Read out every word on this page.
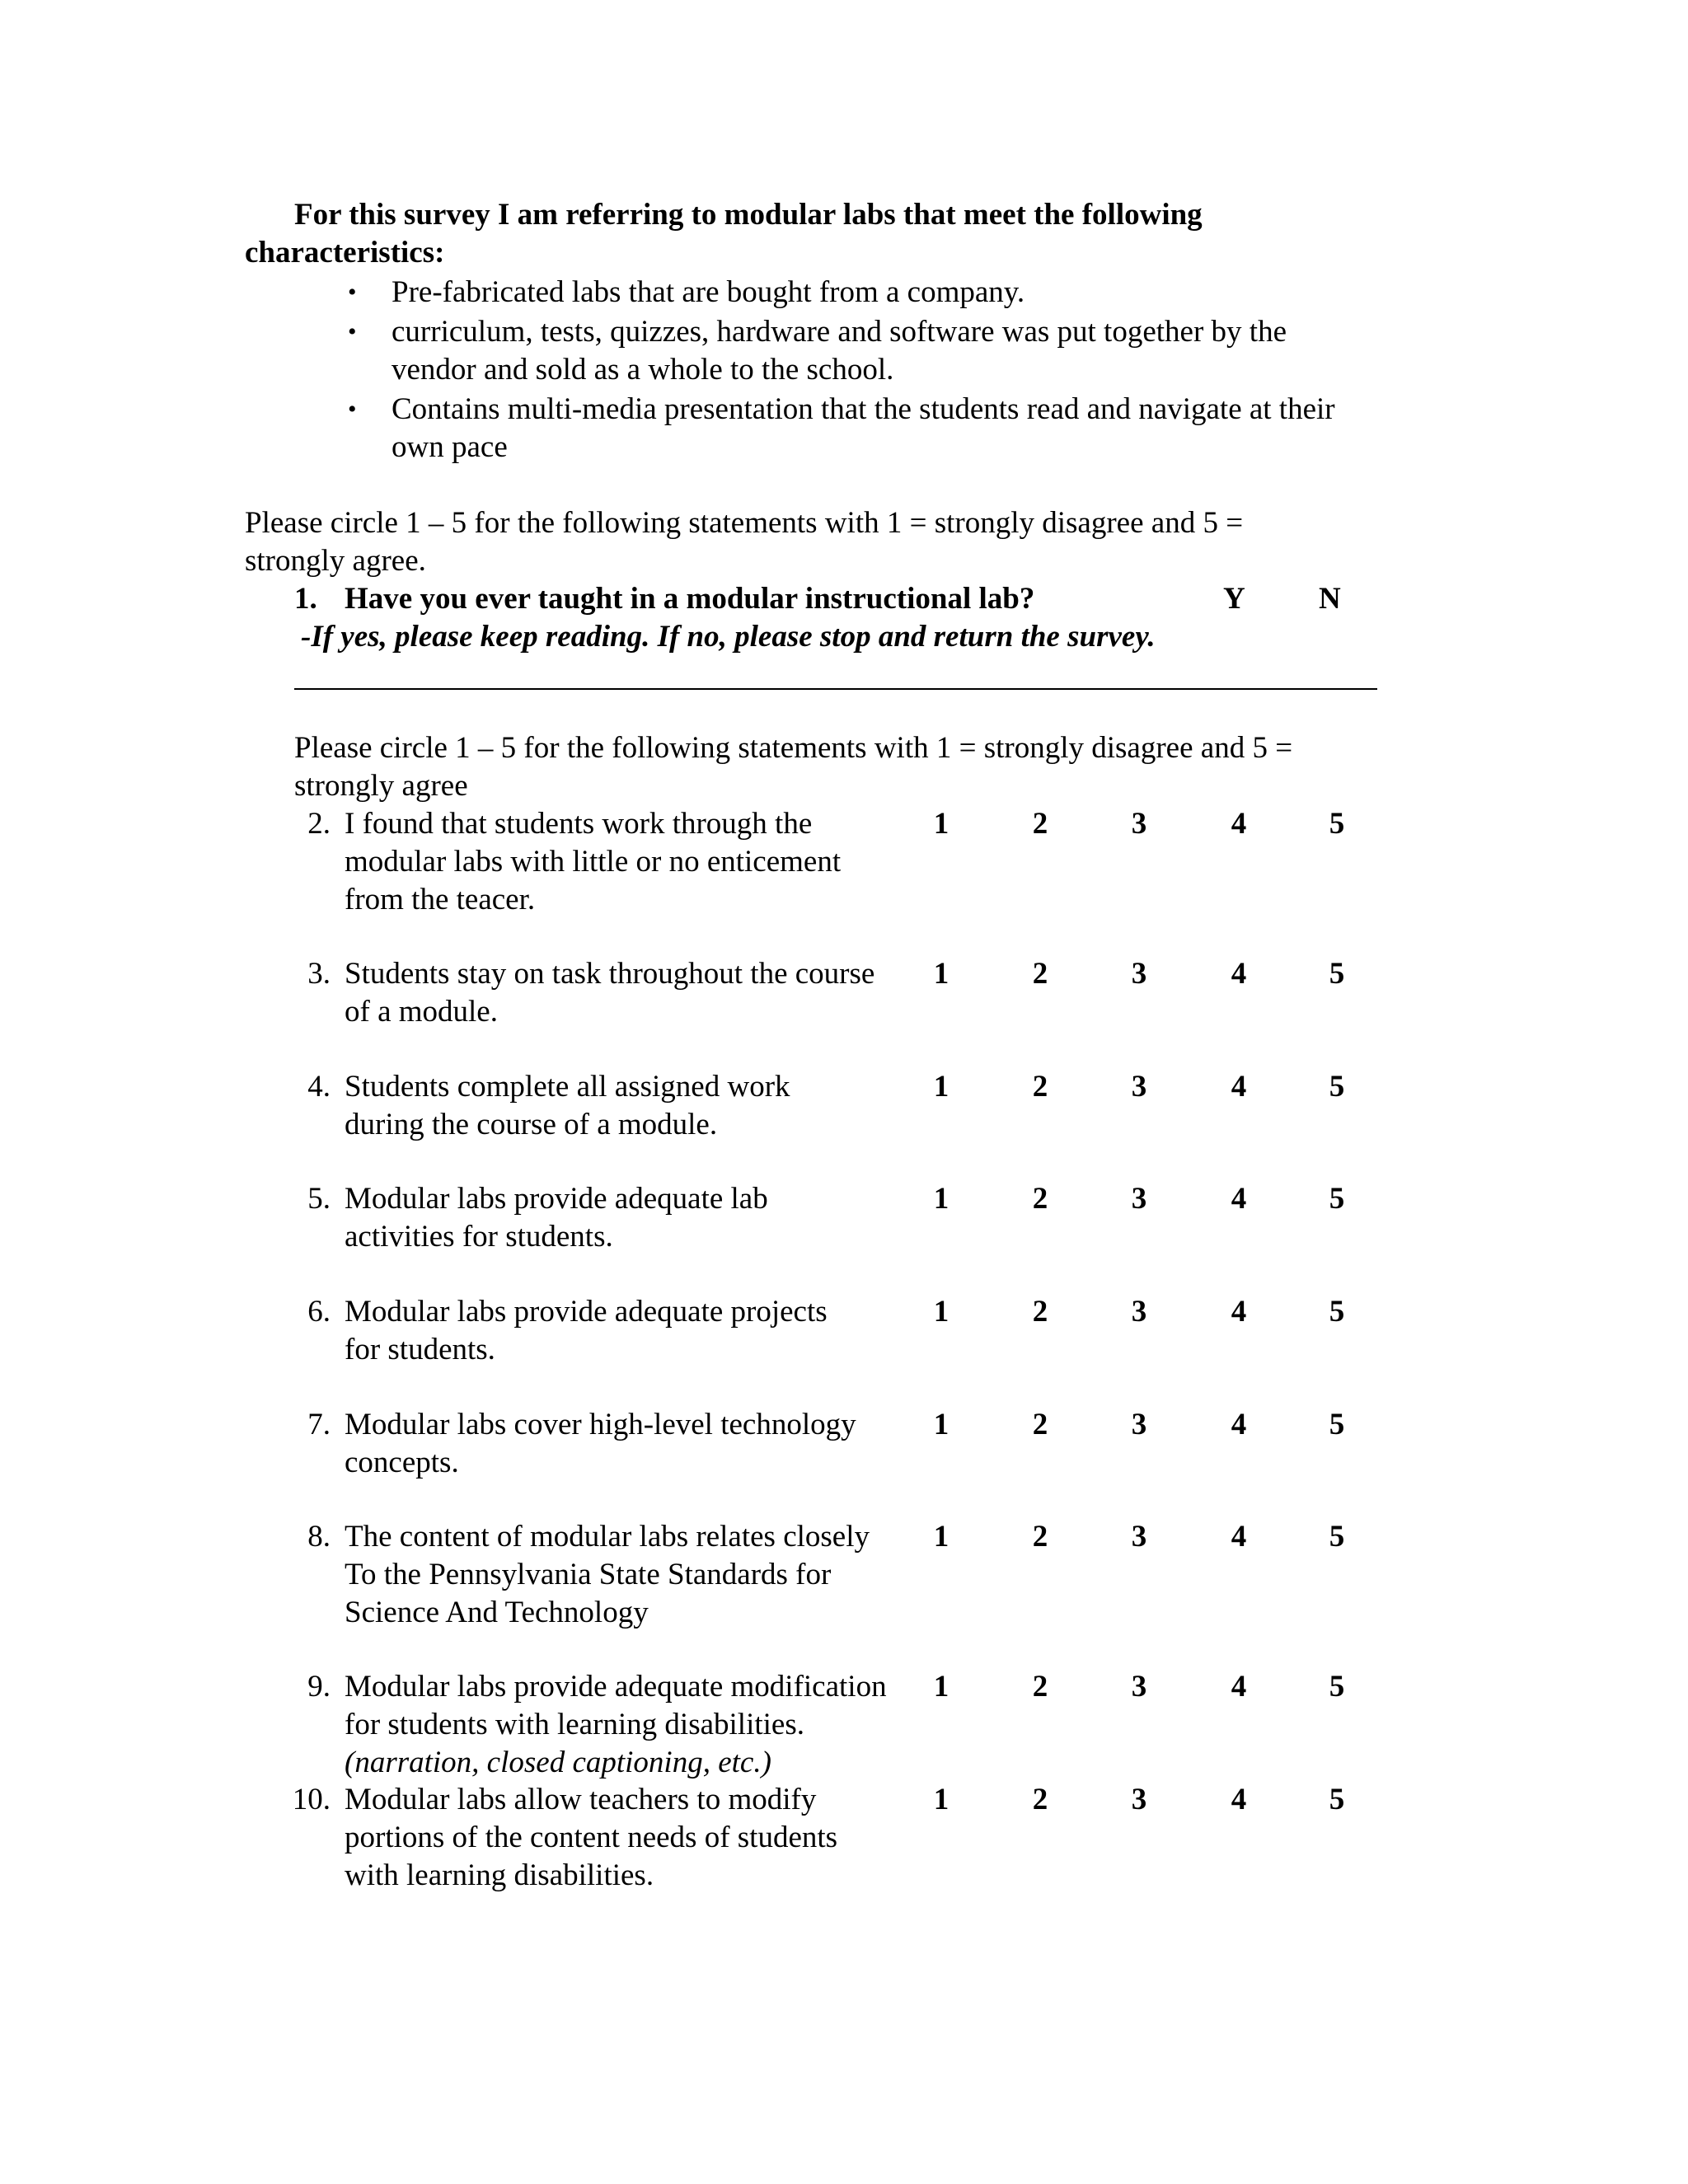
For this survey I am referring to modular labs that meet the following
characteristics:
• Pre-fabricated labs that are bought from a company.
• curriculum, tests, quizzes, hardware and software was put together by the
vendor and sold as a whole to the school.
• Contains multi-media presentation that the students read and navigate at their
own pace
Please circle 1 – 5 for the following statements with 1 = strongly disagree and 5 =
strongly agree.
1. Have you ever taught in a modular instructional lab?	Y N
-If yes, please keep reading. If no, please stop and return the survey.
Please circle 1 – 5 for the following statements with 1 = strongly disagree and 5 =
strongly agree
2. I found that students work through the
modular labs with little or no enticement
from the teacer.
1	2	3	4	5
3. Students stay on task throughout the course
of a module.
1	2	3	4	5
4. Students complete all assigned work
during the course of a module.
1	2	3	4	5
5. Modular labs provide adequate lab
activities for students.
1	2	3	4	5
6. Modular labs provide adequate projects
for students.
1	2	3	4	5
7. Modular labs cover high-level technology
concepts.
1	2	3	4	5
8. The content of modular labs relates closely
To the Pennsylvania State Standards for
Science And Technology
1	2	3	4	5
9. Modular labs provide adequate modification
for students with learning disabilities.
(narration, closed captioning, etc.)
1	2	3	4	5
10. Modular labs allow teachers to modify
portions of the content needs of students
with learning disabilities.
1	2	3	4	5
